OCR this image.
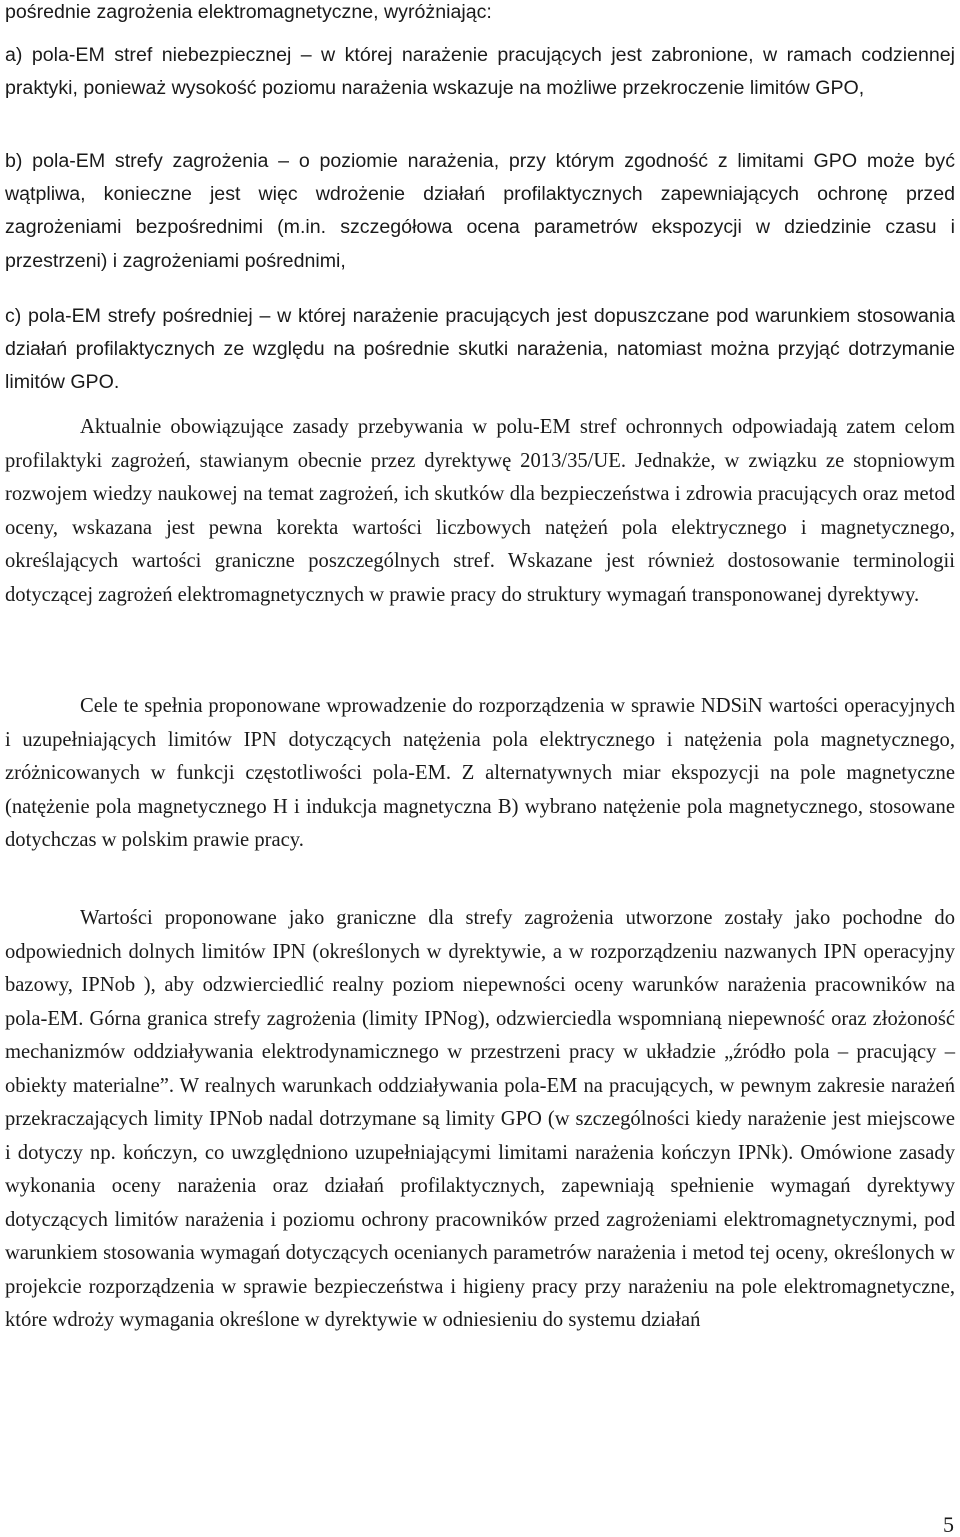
pośrednie zagrożenia elektromagnetyczne, wyróżniając:

a) pola-EM stref niebezpiecznej – w której narażenie pracujących jest zabronione, w ramach codziennej praktyki, ponieważ wysokość poziomu narażenia wskazuje na możliwe przekroczenie limitów GPO,

b) pola-EM strefy zagrożenia – o poziomie narażenia, przy którym zgodność z limitami GPO może być wątpliwa, konieczne jest więc wdrożenie działań profilaktycznych zapewniających ochronę przed zagrożeniami bezpośrednimi (m.in. szczegółowa ocena parametrów ekspozycji w dziedzinie czasu i przestrzeni) i zagrożeniami pośrednimi,

c) pola-EM strefy pośredniej – w której narażenie pracujących jest dopuszczane pod warunkiem stosowania działań profilaktycznych ze względu na pośrednie skutki narażenia, natomiast można przyjąć dotrzymanie limitów GPO.

Aktualnie obowiązujące zasady przebywania w polu-EM stref ochronnych odpowiadają zatem celom profilaktyki zagrożeń, stawianym obecnie przez dyrektywę 2013/35/UE. Jednakże, w związku ze stopniowym rozwojem wiedzy naukowej na temat zagrożeń, ich skutków dla bezpieczeństwa i zdrowia pracujących oraz metod oceny, wskazana jest pewna korekta wartości liczbowych natężeń pola elektrycznego i magnetycznego, określających wartości graniczne poszczególnych stref. Wskazane jest również dostosowanie terminologii dotyczącej zagrożeń elektromagnetycznych w prawie pracy do struktury wymagań transponowanej dyrektywy.

Cele te spełnia proponowane wprowadzenie do rozporządzenia w sprawie NDSiN wartości operacyjnych i uzupełniających limitów IPN dotyczących natężenia pola elektrycznego i natężenia pola magnetycznego, zróżnicowanych w funkcji częstotliwości pola-EM. Z alternatywnych miar ekspozycji na pole magnetyczne (natężenie pola magnetycznego H i indukcja magnetyczna B) wybrano natężenie pola magnetycznego, stosowane dotychczas w polskim prawie pracy.

Wartości proponowane jako graniczne dla strefy zagrożenia utworzone zostały jako pochodne do odpowiednich dolnych limitów IPN (określonych w dyrektywie, a w rozporządzeniu nazwanych IPN operacyjny bazowy, IPNob ), aby odzwierciedlić realny poziom niepewności oceny warunków narażenia pracowników na pola-EM. Górna granica strefy zagrożenia (limity IPNog), odzwierciedla wspomnianą niepewność oraz złożoność mechanizmów oddziaływania elektrodynamicznego w przestrzeni pracy w układzie „źródło pola – pracujący – obiekty materialne”. W realnych warunkach oddziaływania pola-EM na pracujących, w pewnym zakresie narażeń przekraczających limity IPNob nadal dotrzymane są limity GPO (w szczególności kiedy narażenie jest miejscowe i dotyczy np. kończyn, co uwzględniono uzupełniającymi limitami narażenia kończyn IPNk). Omówione zasady wykonania oceny narażenia oraz działań profilaktycznych, zapewniają spełnienie wymagań dyrektywy dotyczących limitów narażenia i poziomu ochrony pracowników przed zagrożeniami elektromagnetycznymi, pod warunkiem stosowania wymagań dotyczących ocenianych parametrów narażenia i metod tej oceny, określonych w projekcie rozporządzenia w sprawie bezpieczeństwa i higieny pracy przy narażeniu na pole elektromagnetyczne, które wdroży wymagania określone w dyrektywie w odniesieniu do systemu działań

5
